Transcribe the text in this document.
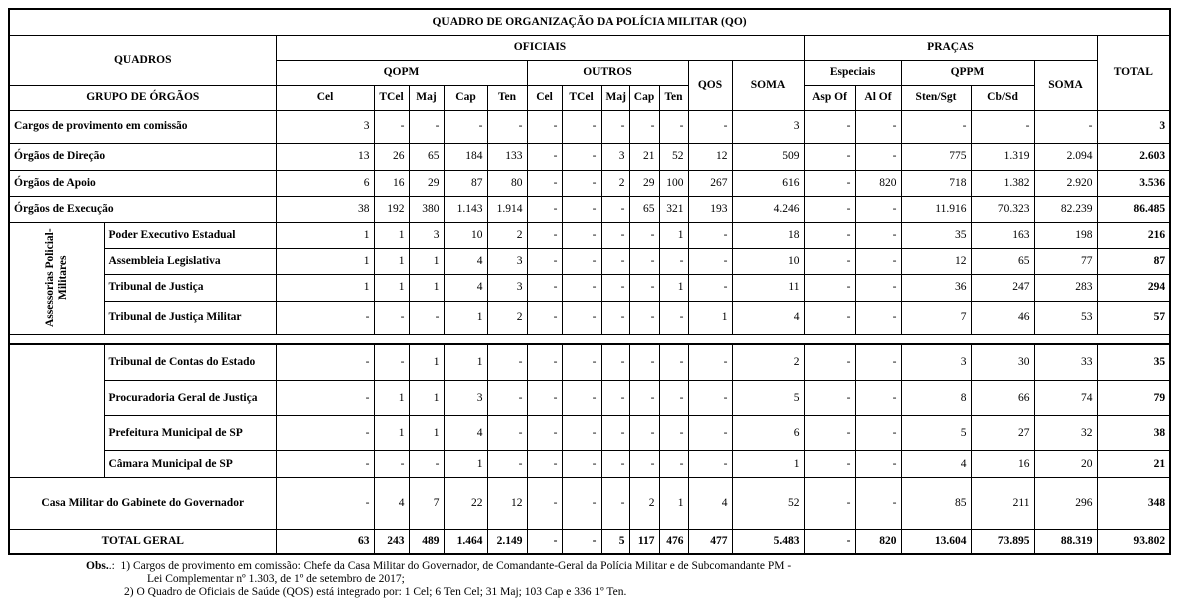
QUADRO DE ORGANIZAÇÃO DA POLÍCIA MILITAR (QO)																			
QUADROS		OFICIAIS												PRAÇAS					TOTAL
		QOPM					OUTROS					QOS	SOMA	Especiais		QPPM		SOMA	
GRUPO DE ÓRGÃOS		Cel	TCel	Maj	Cap	Ten	Cel	TCel	Maj	Cap	Ten			Asp Of	Al Of	Sten/Sgt	Cb/Sd		
Cargos de provimento em comissão		3	-	-	-	-	-	-	-	-	-	-	3	-	-	-	-	-	3
Órgãos de Direção		13	26	65	184	133	-	-	3	21	52	12	509	-	-	775	1.319	2.094	2.603
Órgãos de Apoio		6	16	29	87	80	-	-	2	29	100	267	616	-	820	718	1.382	2.920	3.536
Órgãos de Execução		38	192	380	1.143	1.914	-	-	-	65	321	193	4.246	-	-	11.916	70.323	82.239	86.485

Assessorias Policial-Militares	Poder Executivo Estadual	1	1	3	10	2	-	-	-	-	1	-	18	-	-	35	163	198	216
	Assembleia Legislativa	1	1	1	4	3	-	-	-	-	-	-	10	-	-	12	65	77	87
	Tribunal de Justiça	1	1	1	4	3	-	-	-	-	1	-	11	-	-	36	247	283	294
	Tribunal de Justiça Militar	-	-	-	1	2	-	-	-	-	-	1	4	-	-	7	46	53	57

	Tribunal de Contas do Estado	-	-	1	1	-	-	-	-	-	-	-	2	-	-	3	30	33	35
	Procuradoria Geral de Justiça	-	1	1	3	-	-	-	-	-	-	-	5	-	-	8	66	74	79
	Prefeitura Municipal de SP	-	1	1	4	-	-	-	-	-	-	-	6	-	-	5	27	32	38
	Câmara Municipal de SP	-	-	-	1	-	-	-	-	-	-	-	1	-	-	4	16	20	21
Casa Militar do Gabinete do Governador		-	4	7	22	12	-	-	-	2	1	4	52	-	-	85	211	296	348
TOTAL GERAL		63	243	489	1.464	2.149	-	-	5	117	476	477	5.483	-	820	13.604	73.895	88.319	93.802
Obs..:  1) Cargos de provimento em comissão: Chefe da Casa Militar do Governador, de Comandante-Geral da Polícia Militar e de Subcomandante PM -
Lei Complementar nº 1.303, de 1º de setembro de 2017;
2) O Quadro de Oficiais de Saúde (QOS) está integrado por: 1 Cel; 6 Ten Cel; 31 Maj; 103 Cap e 336 1º Ten.
